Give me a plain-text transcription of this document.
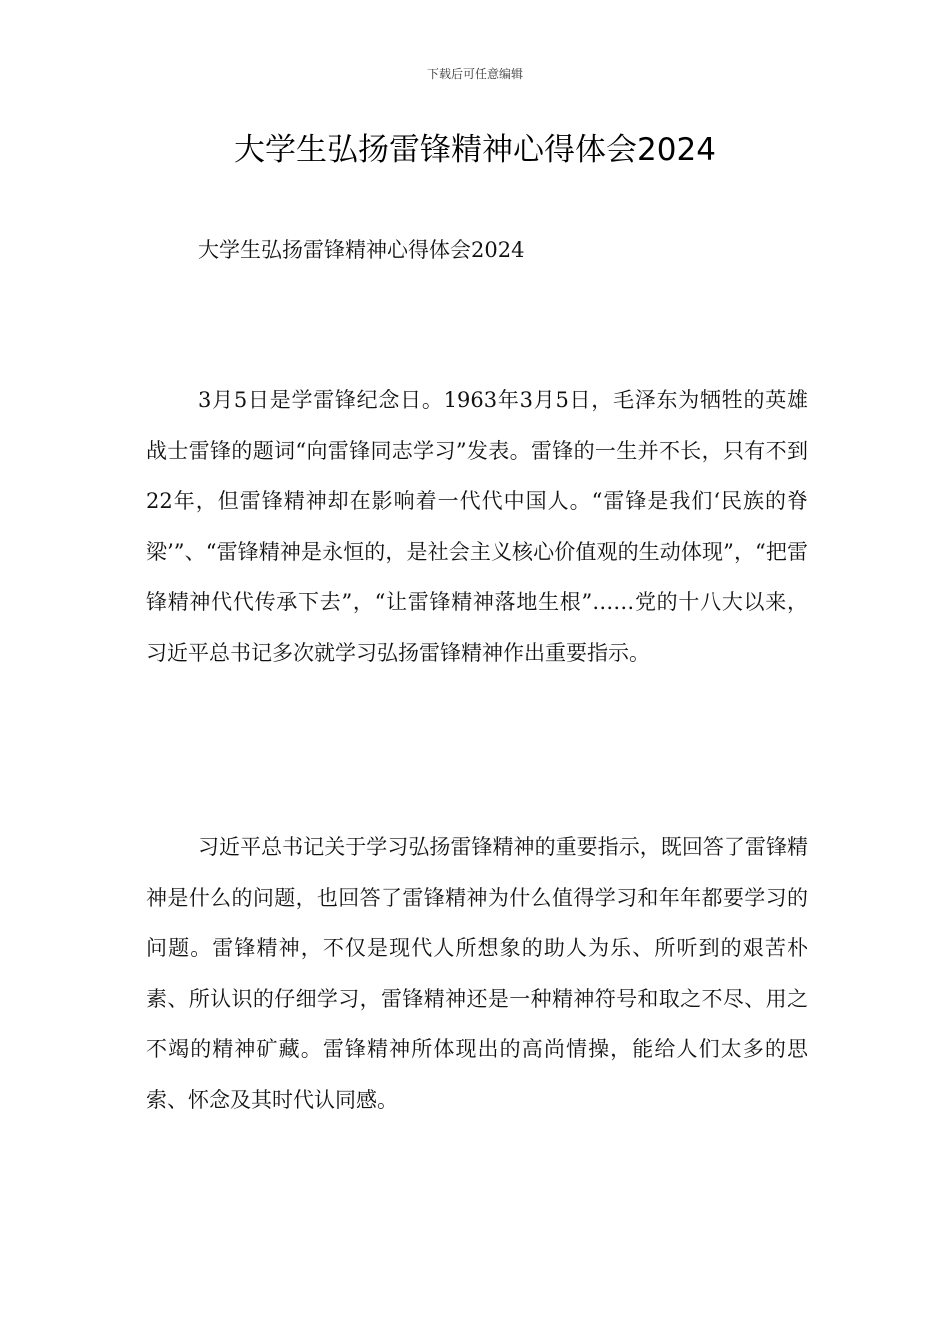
下载后可任意编辑
大学生弘扬雷锋精神心得体会2024

大学生弘扬雷锋精神心得体会2024

3月5日是学雷锋纪念日。1963年3月5日，毛泽东为牺牲的英雄战士雷锋的题词“向雷锋同志学习”发表。雷锋的一生并不长，只有不到22年，但雷锋精神却在影响着一代代中国人。“雷锋是我们‘民族的脊梁’”、“雷锋精神是永恒的，是社会主义核心价值观的生动体现”，“把雷锋精神代代传承下去”，“让雷锋精神落地生根”……党的十八大以来，习近平总书记多次就学习弘扬雷锋精神作出重要指示。

习近平总书记关于学习弘扬雷锋精神的重要指示，既回答了雷锋精神是什么的问题，也回答了雷锋精神为什么值得学习和年年都要学习的问题。雷锋精神，不仅是现代人所想象的助人为乐、所听到的艰苦朴素、所认识的仔细学习，雷锋精神还是一种精神符号和取之不尽、用之不竭的精神矿藏。雷锋精神所体现出的高尚情操，能给人们太多的思索、怀念及其时代认同感。
